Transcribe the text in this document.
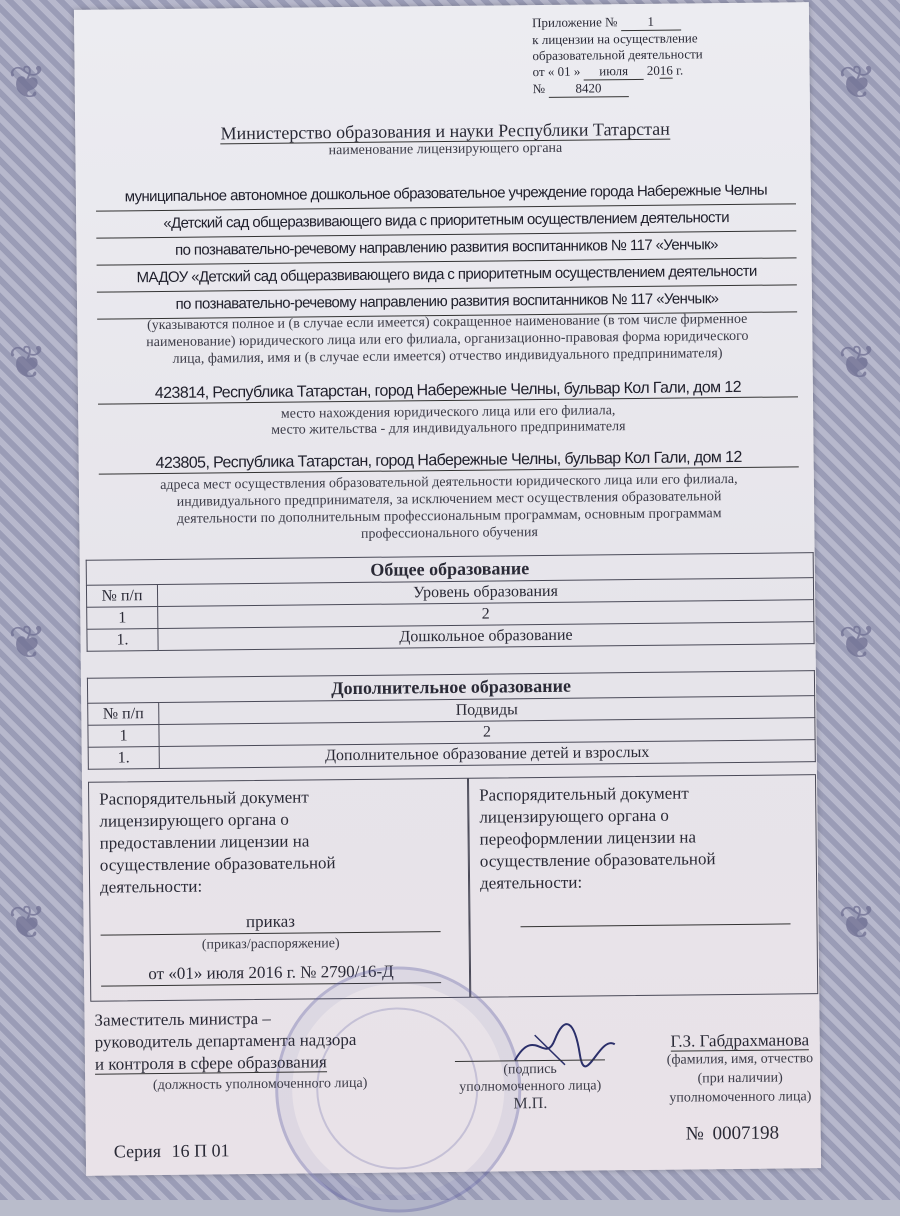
❦
❦
❦
❦
❦
❦
❦
❦
Приложение № 1
к лицензии на осуществление
образовательной деятельности
от « 01 » июля 2016 г.
№ 8420
Министерство образования и науки Республики Татарстан
наименование лицензирующего органа
муниципальное автономное дошкольное образовательное учреждение города Набережные Челны
«Детский сад общеразвивающего вида с приоритетным осуществлением деятельности
по познавательно-речевому направлению развития воспитанников № 117 «Уенчык»
МАДОУ «Детский сад общеразвивающего вида с приоритетным осуществлением деятельности
по познавательно-речевому направлению развития воспитанников № 117 «Уенчык»
(указываются полное и (в случае если имеется) сокращенное наименование (в том числе фирменное
наименование) юридического лица или его филиала, организационно-правовая форма юридического
лица, фамилия, имя и (в случае если имеется) отчество индивидуального предпринимателя)
423814, Республика Татарстан, город Набережные Челны, бульвар Кол Гали, дом 12
место нахождения юридического лица или его филиала,
место жительства - для индивидуального предпринимателя
423805, Республика Татарстан, город Набережные Челны, бульвар Кол Гали, дом 12
адреса мест осуществления образовательной деятельности юридического лица или его филиала,
индивидуального предпринимателя, за исключением мест осуществления образовательной
деятельности по дополнительным профессиональным программам, основным программам
профессионального обучения
Общее образование
№ п/п	Уровень образования
1	2
1.	Дошкольное образование
Дополнительное образование
№ п/п	Подвиды
1	2
1.	Дополнительное образование детей и взрослых
Распорядительный документ
лицензирующего органа о
предоставлении лицензии на
осуществление образовательной
деятельности:
приказ
(приказ/распоряжение)
от «01» июля 2016 г. № 2790/16-Д
Распорядительный документ
лицензирующего органа о
переоформлении лицензии на
осуществление образовательной
деятельности:
Заместитель министра –
руководитель департамента надзора
и контроля в сфере образования
(должность уполномоченного лица)
(подпись
уполномоченного лица)
М.П.
Г.З. Габдрахманова
(фамилия, имя, отчество
(при наличии)
уполномоченного лица)
Серия 16 П 01
№ 0007198
